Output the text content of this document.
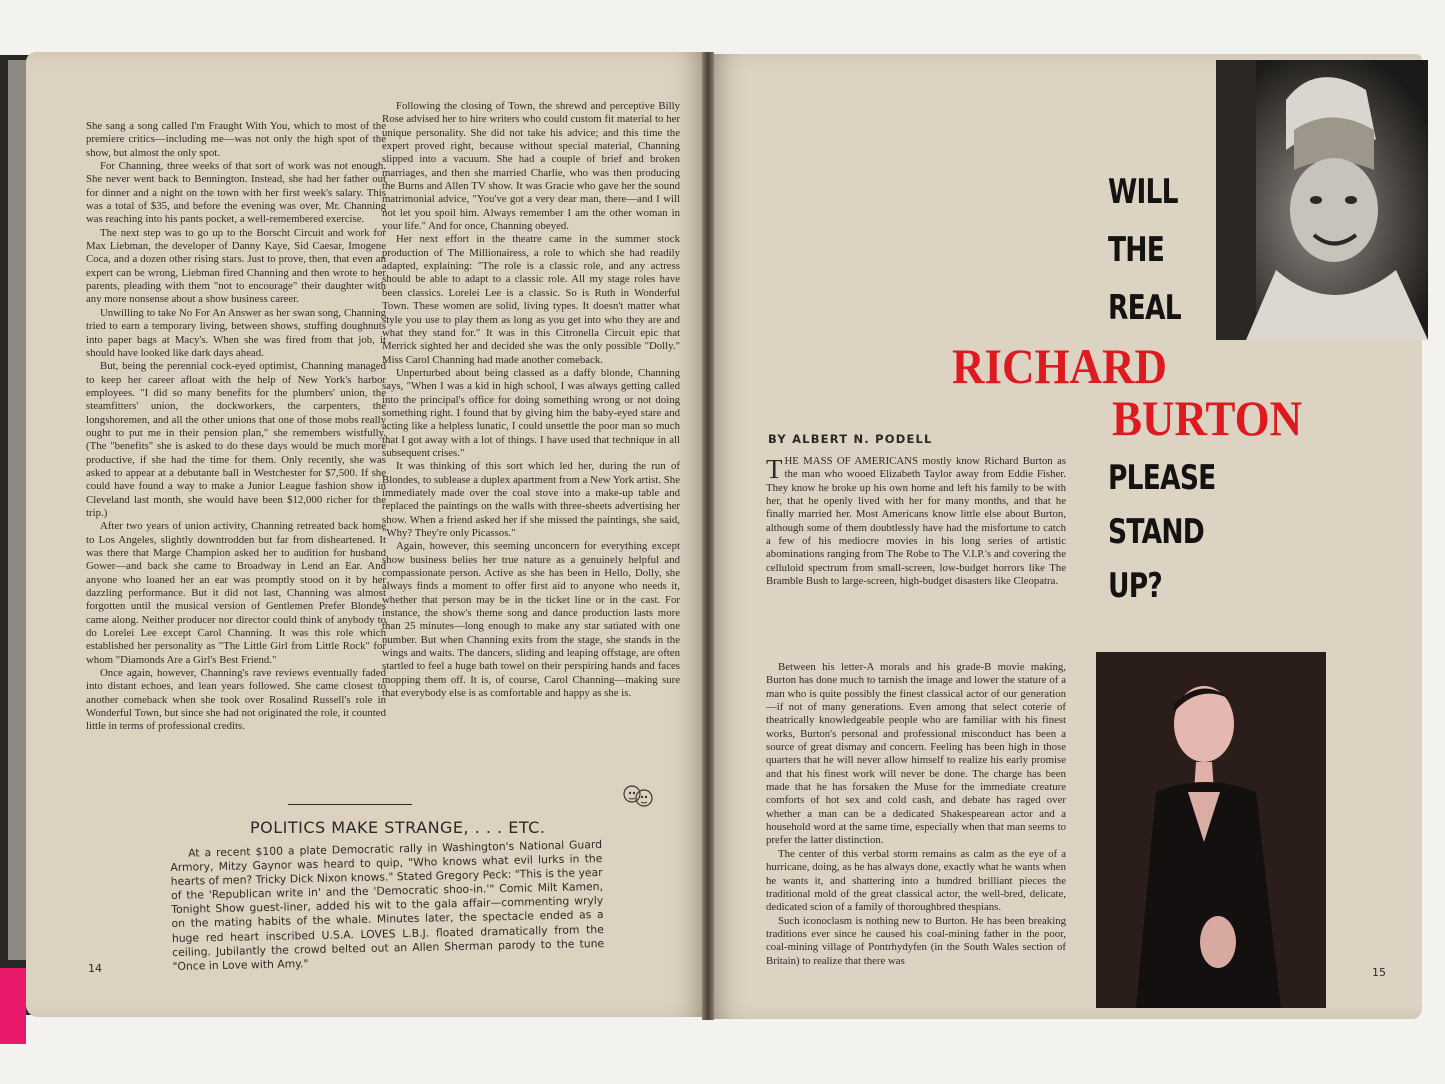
She sang a song called I'm Fraught With You, which to most of the premiere critics—including me—was not only the high spot of the show, but almost the only spot.

For Channing, three weeks of that sort of work was not enough. She never went back to Bennington. Instead, she had her father out for dinner and a night on the town with her first week's salary. This was a total of $35, and before the evening was over, Mr. Channing was reaching into his pants pocket, a well-remembered exercise.

The next step was to go up to the Borscht Circuit and work for Max Liebman, the developer of Danny Kaye, Sid Caesar, Imogene Coca, and a dozen other rising stars. Just to prove, then, that even an expert can be wrong, Liebman fired Channing and then wrote to her parents, pleading with them "not to encourage" their daughter with any more nonsense about a show business career.

Unwilling to take No For An Answer as her swan song, Channing tried to earn a temporary living, between shows, stuffing doughnuts into paper bags at Macy's. When she was fired from that job, it should have looked like dark days ahead.

But, being the perennial cock-eyed optimist, Channing managed to keep her career afloat with the help of New York's harbor employees. "I did so many benefits for the plumbers' union, the steamfitters' union, the dockworkers, the carpenters, the longshoremen, and all the other unions that one of those mobs really ought to put me in their pension plan," she remembers wistfully. (The "benefits" she is asked to do these days would be much more productive, if she had the time for them. Only recently, she was asked to appear at a debutante ball in Westchester for $7,500. If she could have found a way to make a Junior League fashion show in Cleveland last month, she would have been $12,000 richer for the trip.)

After two years of union activity, Channing retreated back home to Los Angeles, slightly downtrodden but far from disheartened. It was there that Marge Champion asked her to audition for husband Gower—and back she came to Broadway in Lend an Ear. And anyone who loaned her an ear was promptly stood on it by her dazzling performance. But it did not last, Channing was almost forgotten until the musical version of Gentlemen Prefer Blondes came along. Neither producer nor director could think of anybody to do Lorelei Lee except Carol Channing. It was this role which established her personality as "The Little Girl from Little Rock" for whom "Diamonds Are a Girl's Best Friend."

Once again, however, Channing's rave reviews eventually faded into distant echoes, and lean years followed. She came closest to another comeback when she took over Rosalind Russell's role in Wonderful Town, but since she had not originated the role, it counted little in terms of professional credits.

Following the closing of Town, the shrewd and perceptive Billy Rose advised her to hire writers who could custom fit material to her unique personality. She did not take his advice; and this time the expert proved right, because without special material, Channing slipped into a vacuum. She had a couple of brief and broken marriages, and then she married Charlie, who was then producing the Burns and Allen TV show. It was Gracie who gave her the sound matrimonial advice, "You've got a very dear man, there—and I will not let you spoil him. Always remember I am the other woman in your life." And for once, Channing obeyed.

Her next effort in the theatre came in the summer stock production of The Millionairess, a role to which she had readily adapted, explaining: "The role is a classic role, and any actress should be able to adapt to a classic role. All my stage roles have been classics. Lorelei Lee is a classic. So is Ruth in Wonderful Town. These women are solid, living types. It doesn't matter what style you use to play them as long as you get into who they are and what they stand for." It was in this Citronella Circuit epic that Merrick sighted her and decided she was the only possible "Dolly." Miss Carol Channing had made another comeback.

Unperturbed about being classed as a daffy blonde, Channing says, "When I was a kid in high school, I was always getting called into the principal's office for doing something wrong or not doing something right. I found that by giving him the baby-eyed stare and acting like a helpless lunatic, I could unsettle the poor man so much that I got away with a lot of things. I have used that technique in all subsequent crises."

It was thinking of this sort which led her, during the run of Blondes, to sublease a duplex apartment from a New York artist. She immediately made over the coal stove into a make-up table and replaced the paintings on the walls with three-sheets advertising her show. When a friend asked her if she missed the paintings, she said, "Why? They're only Picassos."

Again, however, this seeming unconcern for everything except show business belies her true nature as a genuinely helpful and compassionate person. Active as she has been in Hello, Dolly, she always finds a moment to offer first aid to anyone who needs it, whether that person may be in the ticket line or in the cast. For instance, the show's theme song and dance production lasts more than 25 minutes—long enough to make any star satiated with one number. But when Channing exits from the stage, she stands in the wings and waits. The dancers, sliding and leaping offstage, are often startled to feel a huge bath towel on their perspiring hands and faces mopping them off. It is, of course, Carol Channing—making sure that everybody else is as comfortable and happy as she is.

POLITICS MAKE STRANGE, . . . ETC.

At a recent $100 a plate Democratic rally in Washington's National Guard Armory, Mitzy Gaynor was heard to quip, "Who knows what evil lurks in the hearts of men? Tricky Dick Nixon knows." Stated Gregory Peck: "This is the year of the 'Republican write in' and the 'Democratic shoo-in.'" Comic Milt Kamen, Tonight Show guest-liner, added his wit to the gala affair—commenting wryly on the mating habits of the whale. Minutes later, the spectacle ended as a huge red heart inscribed U.S.A. LOVES L.B.J. floated dramatically from the ceiling. Jubilantly the crowd belted out an Allen Sherman parody to the tune "Once in Love with Amy."

14
WILL
THE
REAL
RICHARD
BURTON
PLEASE
STAND
UP?
BY ALBERT N. PODELL

THE MASS OF AMERICANS mostly know Richard Burton as the man who wooed Elizabeth Taylor away from Eddie Fisher. They know he broke up his own home and left his family to be with her, that he openly lived with her for many months, and that he finally married her. Most Americans know little else about Burton, although some of them doubtlessly have had the misfortune to catch a few of his mediocre movies in his long series of artistic abominations ranging from The Robe to The V.I.P.'s and covering the celluloid spectrum from small-screen, low-budget horrors like The Bramble Bush to large-screen, high-budget disasters like Cleopatra.

Between his letter-A morals and his grade-B movie making, Burton has done much to tarnish the image and lower the stature of a man who is quite possibly the finest classical actor of our generation—if not of many generations. Even among that select coterie of theatrically knowledgeable people who are familiar with his finest works, Burton's personal and professional misconduct has been a source of great dismay and concern. Feeling has been high in those quarters that he will never allow himself to realize his early promise and that his finest work will never be done. The charge has been made that he has forsaken the Muse for the immediate creature comforts of hot sex and cold cash, and debate has raged over whether a man can be a dedicated Shakespearean actor and a household word at the same time, especially when that man seems to prefer the latter distinction.

The center of this verbal storm remains as calm as the eye of a hurricane, doing, as he has always done, exactly what he wants when he wants it, and shattering into a hundred brilliant pieces the traditional mold of the great classical actor, the well-bred, delicate, dedicated scion of a family of thoroughbred thespians.

Such iconoclasm is nothing new to Burton. He has been breaking traditions ever since he caused his coal-mining father in the poor, coal-mining village of Pontrhydyfen (in the South Wales section of Britain) to realize that there was

15
